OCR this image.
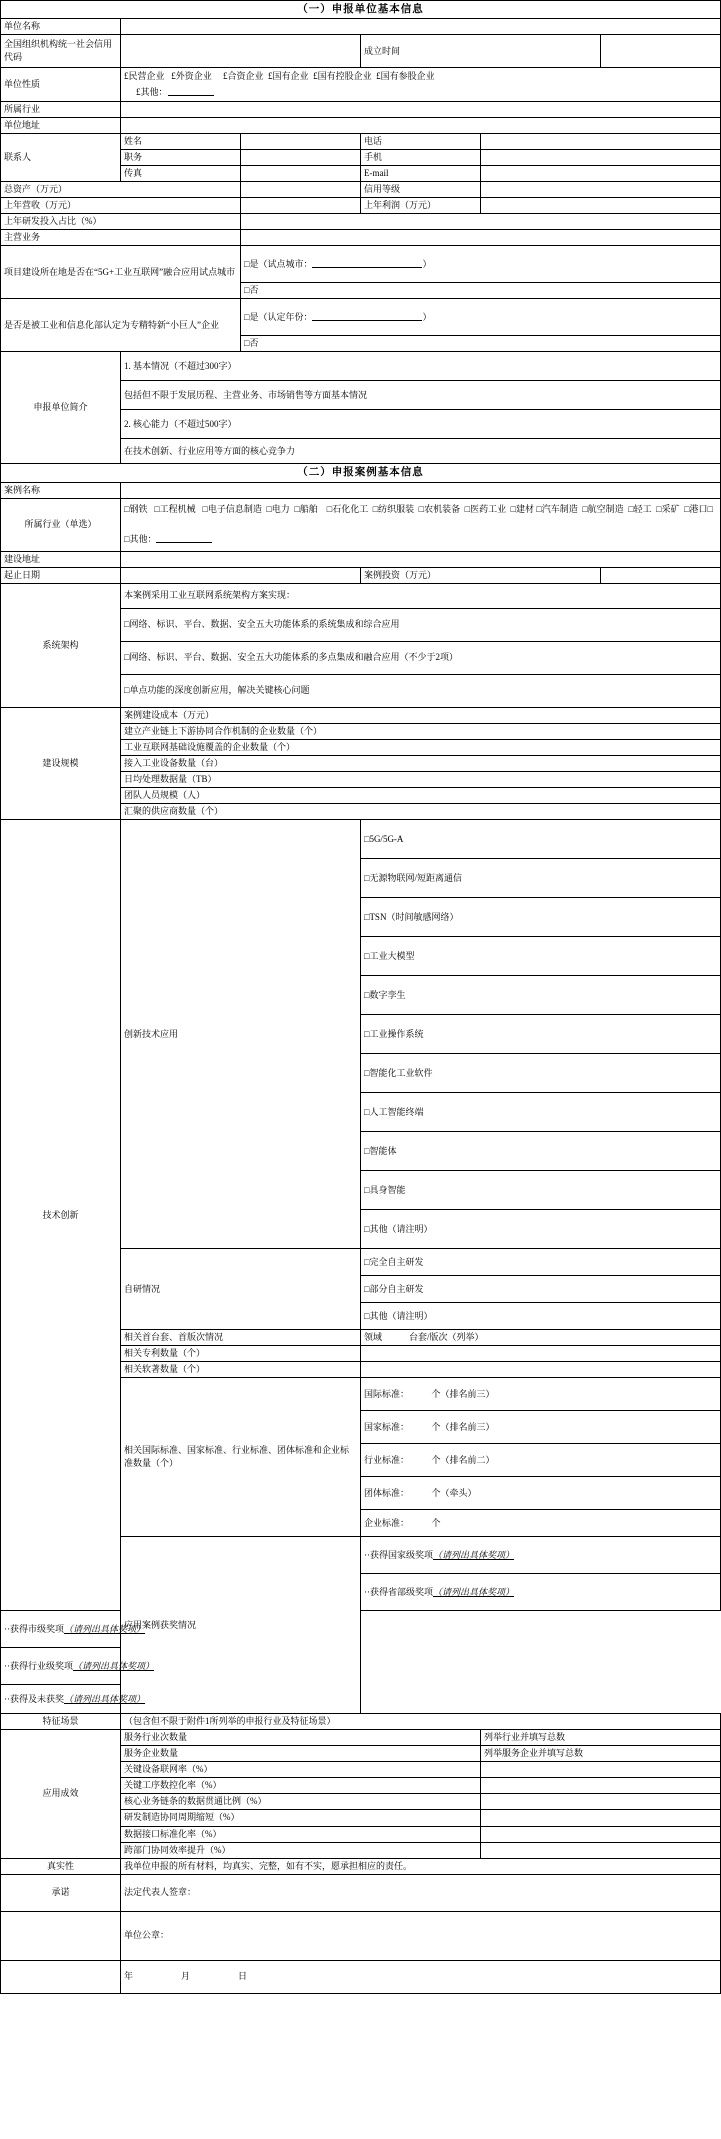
（一）申报单位基本信息					
单位名称					
全国组织机构统一社会信用代码			成立时间		
单位性质	£民营企业 £外资企业 £合资企业 £国有企业 £国有控股企业 £国有参股企业
£其他：				
所属行业					
单位地址					
联系人	姓名		电话		
	职务		手机		
	传真		E-mail		
总资产（万元）			信用等级		
上年营收（万元）			上年利润（万元）		
上年研发投入占比（%）					
主营业务					
项目建设所在地是否在“5G+工业互联网”融合应用试点城市		□是（试点城市： ）			
		□否			
是否是被工业和信息化部认定为专精特新“小巨人”企业		□是（认定年份： ）			
		□否			
申报单位简介	1. 基本情况（不超过300字）				
	包括但不限于发展历程、主营业务、市场销售等方面基本情况				
	2. 核心能力（不超过500字）				
	在技术创新、行业应用等方面的核心竞争力				
（二）申报案例基本信息					
案例名称					
所属行业（单选）	□钢铁 □工程机械 □电子信息制造 □电力 □船舶 □石化化工 □纺织服装 □农机装备 □医药工业 □建材 □汽车制造 □航空制造 □轻工 □采矿 □港口□

□其他：				
建设地址					
起止日期			案例投资（万元）		
系统架构	本案例采用工业互联网系统架构方案实现：				
	□网络、标识、平台、数据、安全五大功能体系的系统集成和综合应用				
	□网络、标识、平台、数据、安全五大功能体系的多点集成和融合应用（不少于2项）				
	□单点功能的深度创新应用，解决关键核心问题				
建设规模	案例建设成本（万元）				
	建立产业链上下游协同合作机制的企业数量（个）				
	工业互联网基础设施覆盖的企业数量（个）				
	接入工业设备数量（台）				
	日均处理数据量（TB）				
	团队人员规模（人）				
	汇聚的供应商数量（个）				
技术创新	创新技术应用		□5G/5G-A		
			□无源物联网/短距离通信		
			□TSN（时间敏感网络）		
			□工业大模型		
			□数字孪生		
			□工业操作系统		
			□智能化工业软件		
			□人工智能终端		
			□智能体		
			□具身智能		
			□其他（请注明）		
	自研情况		□完全自主研发		
			□部分自主研发		
			□其他（请注明）		
	相关首台套、首版次情况		领域　　　台套/版次（列举）		
	相关专利数量（个）				
	相关软著数量（个）				
	相关国际标准、国家标准、行业标准、团体标准和企业标准数量（个）		国际标准：　　　个（排名前三）		
			国家标准：　　　个（排名前三）		
			行业标准：　　　个（排名前二）		
			团体标准：　　　个（牵头）		
			企业标准：　　　个		
	应用案例获奖情况		··获得国家级奖项（请列出具体奖项）		
			··获得省部级奖项（请列出具体奖项）		
··获得市级奖项（请列出具体奖项）					
··获得行业级奖项（请列出具体奖项）					
··获得及未获奖（请列出具体奖项）					
特征场景	（包含但不限于附件1所列举的申报行业及特征场景）				
应用成效	服务行业次数量			列举行业并填写总数	
	服务企业数量			列举服务企业并填写总数	
	关键设备联网率（%）				
	关键工序数控化率（%）				
	核心业务链条的数据贯通比例（%）				
	研发制造协同周期缩短（%）				
	数据接口标准化率（%）				
	跨部门协同效率提升（%）				
真实性	我单位申报的所有材料，均真实、完整，如有不实，愿承担相应的责任。				
承诺	法定代表人签章：				
	单位公章：				
	年　　月　　日				
